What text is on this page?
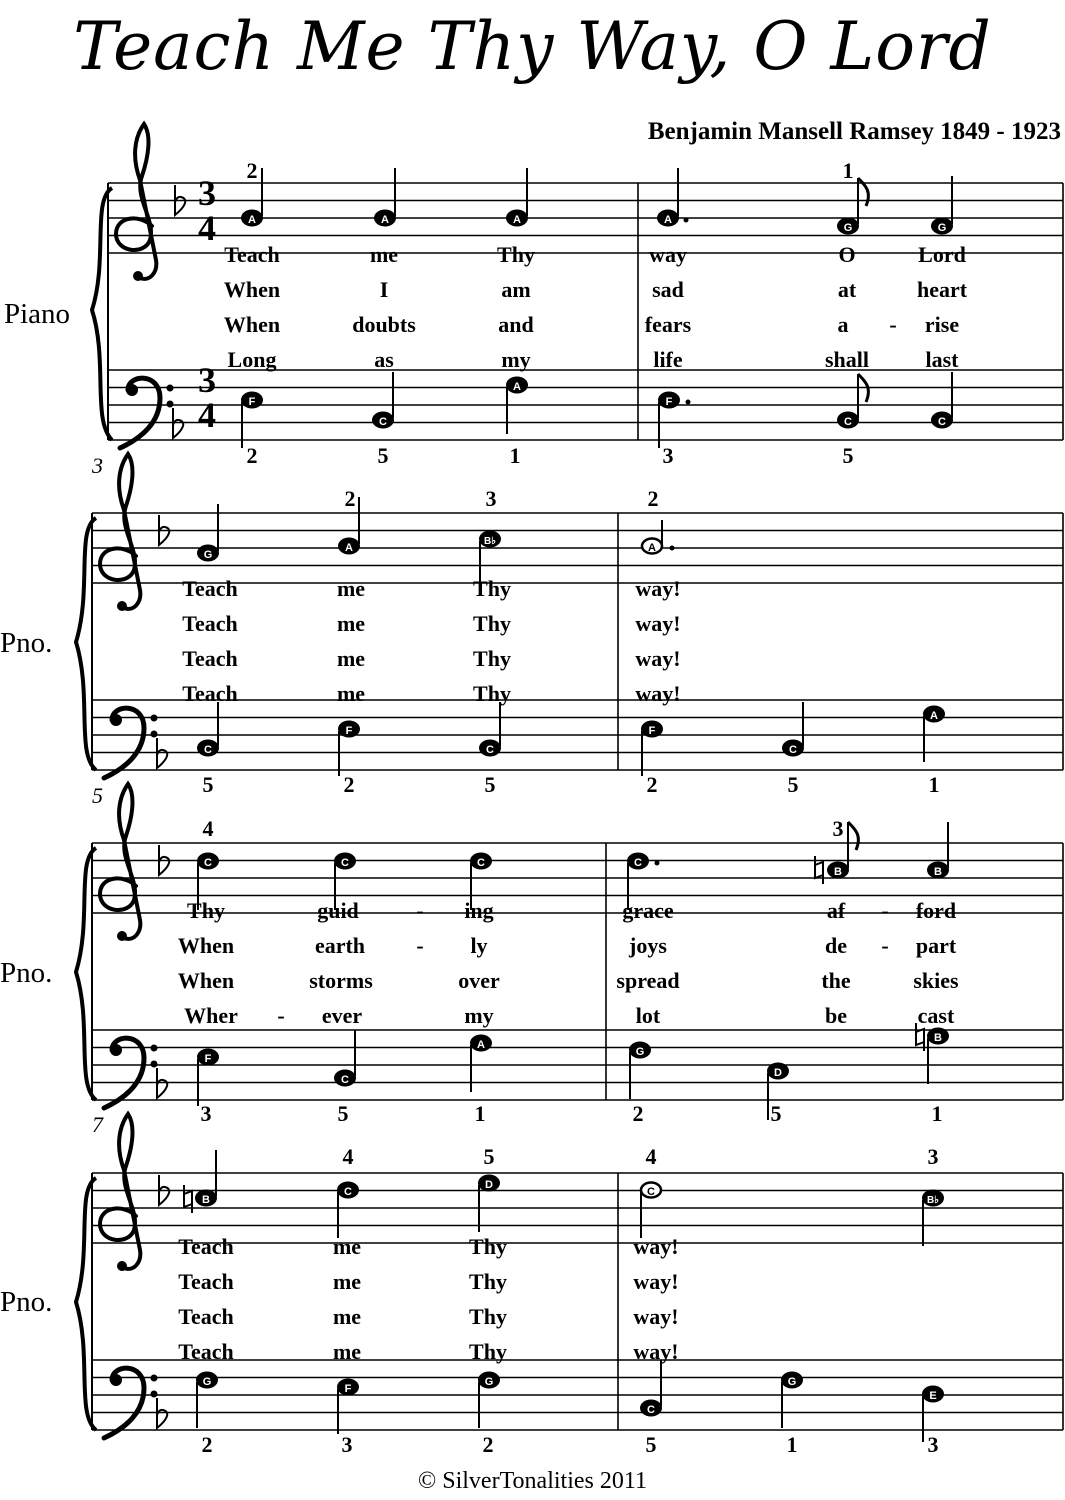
Teach Me Thy Way, O Lord
Benjamin Mansell Ramsey 1849 - 1923
Piano
Pno.
Pno.
Pno.
3
5
7
3
4
3
4
A	A	A	A
G	G
F
C
A
F
C	C
G
A
B♭
A
C
F
C
F
C
A
C	C	C	C
B	B
F
C
A
G
D
B
B
C
D
C
B♭
G
F
G
C
G
E
2	1
2	5	1	3	5
2	3	2
5	2	5	2	5	1
4	3
3	5	1	2	5	1
4	5	4	3
2	3	2	5	1	3
Teach	me	Thy	way	O	Lord
When	I	am	sad	at	heart
When	doubts	and	fears	a - rise
Long	as	my	life	shall	last
Teach	me	Thy	way!
Teach	me	Thy	way!
Teach	me	Thy	way!
Teach	me	Thy	way!
Thy	guid	- ing	grace	af - ford
When	earth - ly	joys	de - part
When	storms	over	spread	the	skies
Wher - ever	my	lot	be	cast
Teach	me	Thy	way!
Teach	me	Thy	way!
Teach	me	Thy	way!
Teach	me	Thy	way!
© SilverTonalities 2011
